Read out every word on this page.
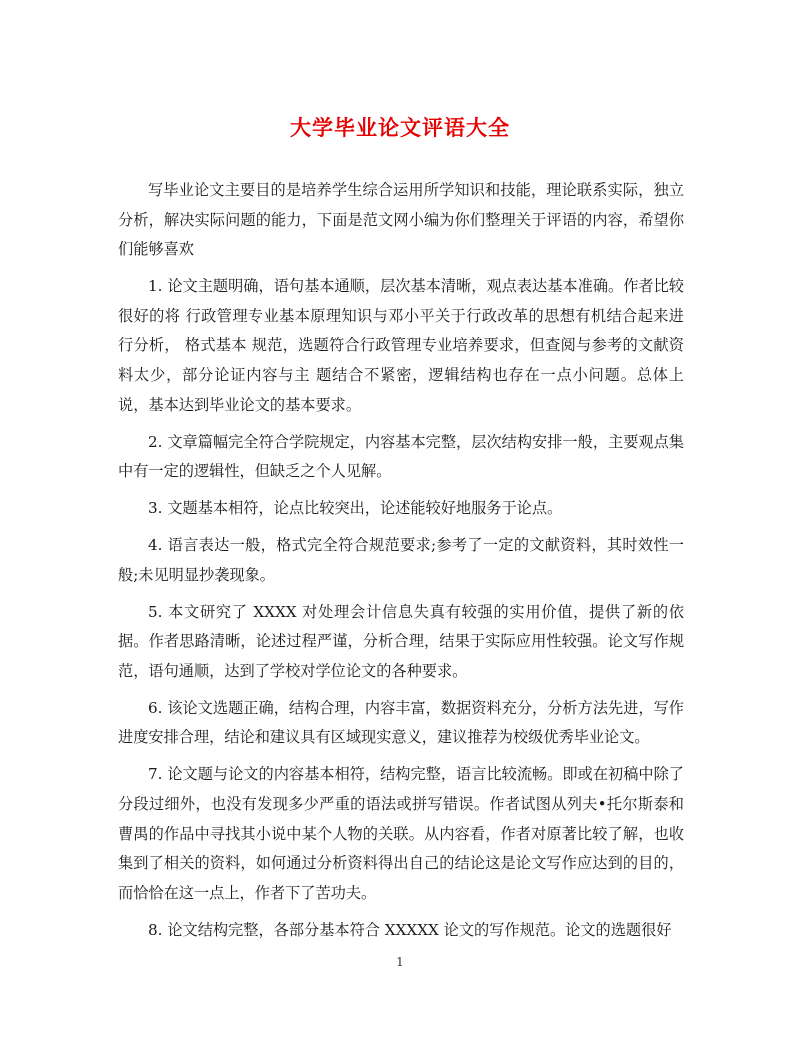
大学毕业论文评语大全

写毕业论文主要目的是培养学生综合运用所学知识和技能，理论联系实际，独立分析，解决实际问题的能力，下面是范文网小编为你们整理关于评语的内容，希望你们能够喜欢

1. 论文主题明确，语句基本通顺，层次基本清晰，观点表达基本准确。作者比较很好的将 行政管理专业基本原理知识与邓小平关于行政改革的思想有机结合起来进行分析， 格式基本 规范，选题符合行政管理专业培养要求，但查阅与参考的文献资料太少，部分论证内容与主 题结合不紧密，逻辑结构也存在一点小问题。总体上说，基本达到毕业论文的基本要求。

2. 文章篇幅完全符合学院规定，内容基本完整，层次结构安排一般，主要观点集中有一定的逻辑性，但缺乏之个人见解。

3. 文题基本相符，论点比较突出，论述能较好地服务于论点。

4. 语言表达一般，格式完全符合规范要求;参考了一定的文献资料，其时效性一般;未见明显抄袭现象。

5. 本文研究了 XXXX 对处理会计信息失真有较强的实用价值，提供了新的依据。作者思路清晰，论述过程严谨，分析合理，结果于实际应用性较强。论文写作规范，语句通顺，达到了学校对学位论文的各种要求。

6. 该论文选题正确，结构合理，内容丰富，数据资料充分，分析方法先进，写作进度安排合理，结论和建议具有区域现实意义，建议推荐为校级优秀毕业论文。

7. 论文题与论文的内容基本相符，结构完整，语言比较流畅。即或在初稿中除了分段过细外，也没有发现多少严重的语法或拼写错误。作者试图从列夫•托尔斯泰和曹禺的作品中寻找其小说中某个人物的关联。从内容看，作者对原著比较了解，也收集到了相关的资料，如何通过分析资料得出自己的结论这是论文写作应达到的目的，而恰恰在这一点上，作者下了苦功夫。

8. 论文结构完整，各部分基本符合 XXXXX 论文的写作规范。论文的选题很好

1
